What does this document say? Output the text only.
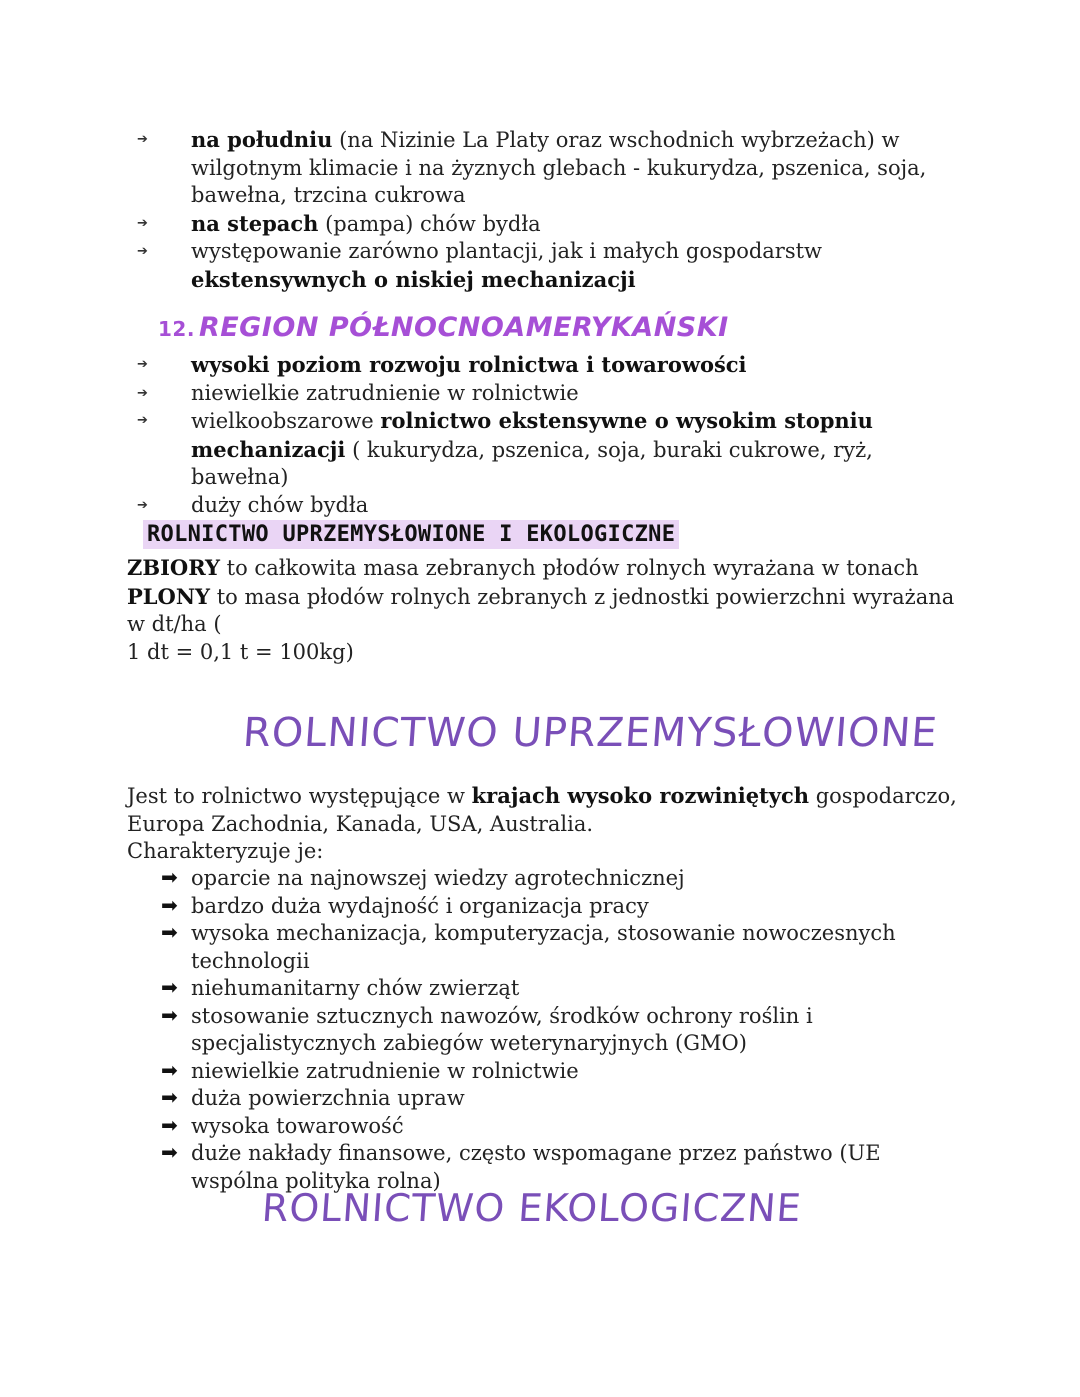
➔ na południu (na Nizinie La Platy oraz wschodnich wybrzeżach) w wilgotnym klimacie i na żyznych glebach - kukurydza, pszenica, soja, bawełna, trzcina cukrowa
➔ na stepach (pampa) chów bydła
➔ występowanie zarówno plantacji, jak i małych gospodarstw ekstensywnych o niskiej mechanizacji
12. REGION PÓŁNOCNOAMERYKAŃSKI
➔ wysoki poziom rozwoju rolnictwa i towarowości
➔ niewielkie zatrudnienie w rolnictwie
➔ wielkoobszarowe rolnictwo ekstensywne o wysokim stopniu mechanizacji ( kukurydza, pszenica, soja, buraki cukrowe, ryż, bawełna)
➔ duży chów bydła
ROLNICTWO UPRZEMYSŁOWIONE I EKOLOGICZNE
ZBIORY to całkowita masa zebranych płodów rolnych wyrażana w tonach
PLONY to masa płodów rolnych zebranych z jednostki powierzchni wyrażana w dt/ha (
1 dt = 0,1 t = 100kg)
ROLNICTWO UPRZEMYSŁOWIONE
Jest to rolnictwo występujące w krajach wysoko rozwiniętych gospodarczo, Europa Zachodnia, Kanada, USA, Australia.
Charakteryzuje je:
➡ oparcie na najnowszej wiedzy agrotechnicznej
➡ bardzo duża wydajność i organizacja pracy
➡ wysoka mechanizacja, komputeryzacja, stosowanie nowoczesnych technologii
➡ niehumanitarny chów zwierząt
➡ stosowanie sztucznych nawozów, środków ochrony roślin i specjalistycznych zabiegów weterynaryjnych (GMO)
➡ niewielkie zatrudnienie w rolnictwie
➡ duża powierzchnia upraw
➡ wysoka towarowość
➡ duże nakłady finansowe, często wspomagane przez państwo (UE wspólna polityka rolna)
ROLNICTWO EKOLOGICZNE
